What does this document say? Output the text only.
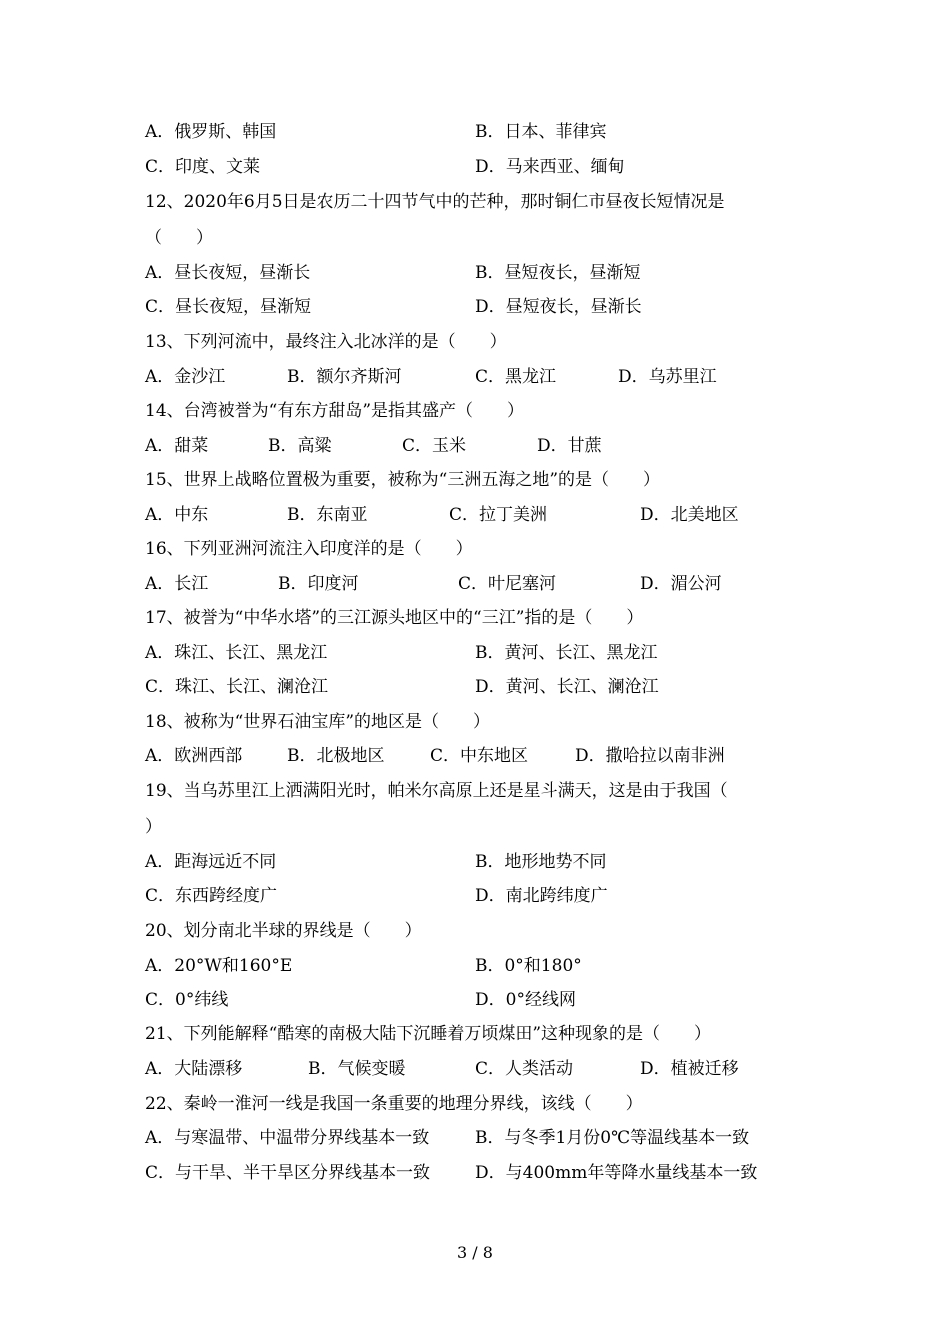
A．俄罗斯、韩国	B．日本、菲律宾
C．印度、文莱	D．马来西亚、缅甸
12、2020年6月5日是农历二十四节气中的芒种，那时铜仁市昼夜长短情况是
（　　）
A．昼长夜短，昼渐长	B．昼短夜长，昼渐短
C．昼长夜短，昼渐短	D．昼短夜长，昼渐长
13、下列河流中，最终注入北冰洋的是（　　）
A．金沙江	B．额尔齐斯河	C．黑龙江	D．乌苏里江
14、台湾被誉为“有东方甜岛”是指其盛产（　　）
A．甜菜	B．高粱	C．玉米	D．甘蔗
15、世界上战略位置极为重要，被称为“三洲五海之地”的是（　　）
A．中东	B．东南亚	C．拉丁美洲	D．北美地区
16、下列亚洲河流注入印度洋的是（　　）
A．长江	B．印度河	C．叶尼塞河	D．湄公河
17、被誉为“中华水塔”的三江源头地区中的“三江”指的是（　　）
A．珠江、长江、黑龙江	B．黄河、长江、黑龙江
C．珠江、长江、澜沧江	D．黄河、长江、澜沧江
18、被称为“世界石油宝库”的地区是（　　）
A．欧洲西部	B．北极地区	C．中东地区	D．撒哈拉以南非洲
19、当乌苏里江上洒满阳光时，帕米尔高原上还是星斗满天，这是由于我国（
）
A．距海远近不同	B．地形地势不同
C．东西跨经度广	D．南北跨纬度广
20、划分南北半球的界线是（　　）
A．20°W和160°E	B．0°和180°
C．0°纬线	D．0°经线网
21、下列能解释“酷寒的南极大陆下沉睡着万顷煤田”这种现象的是（　　）
A．大陆漂移	B．气候变暖	C．人类活动	D．植被迁移
22、秦岭一淮河一线是我国一条重要的地理分界线，该线（　　）
A．与寒温带、中温带分界线基本一致	B．与冬季1月份0℃等温线基本一致
C．与干旱、半干旱区分界线基本一致	D．与400mm年等降水量线基本一致
3 / 8
